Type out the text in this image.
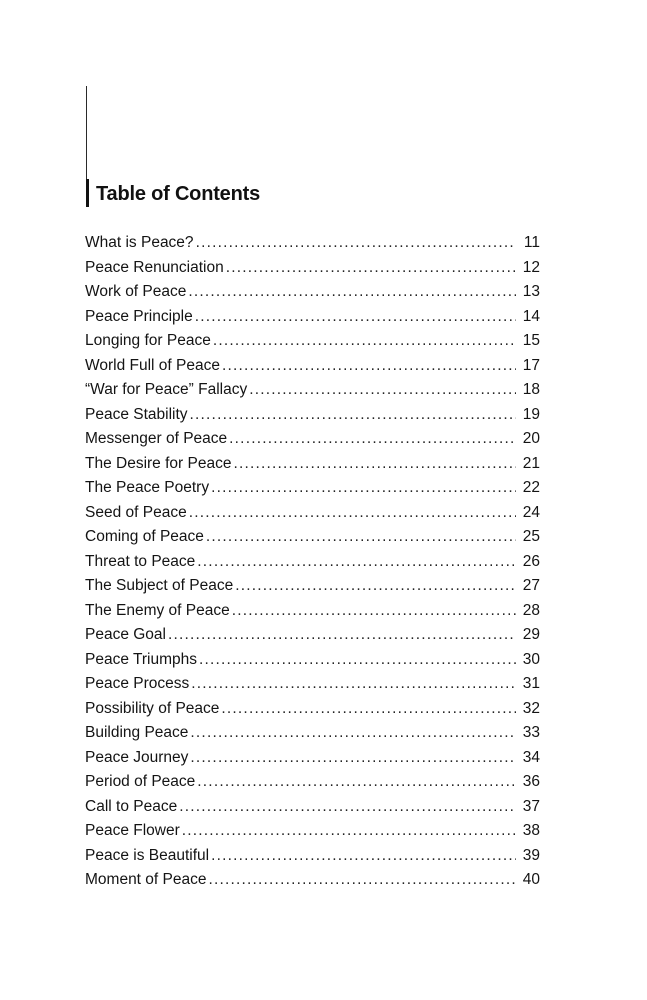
Table of Contents
What is Peace? .....	11
Peace Renunciation .....	12
Work of Peace .....	13
Peace Principle .....	14
Longing for Peace .....	15
World Full of Peace .....	17
“War for Peace” Fallacy .....	18
Peace Stability .....	19
Messenger of Peace .....	20
The Desire for Peace .....	21
The Peace Poetry .....	22
Seed of Peace .....	24
Coming of Peace .....	25
Threat to Peace .....	26
The Subject of Peace .....	27
The Enemy of Peace .....	28
Peace Goal .....	29
Peace Triumphs .....	30
Peace Process .....	31
Possibility of Peace .....	32
Building Peace .....	33
Peace Journey .....	34
Period of Peace .....	36
Call to Peace .....	37
Peace Flower .....	38
Peace is Beautiful .....	39
Moment of Peace .....	40
